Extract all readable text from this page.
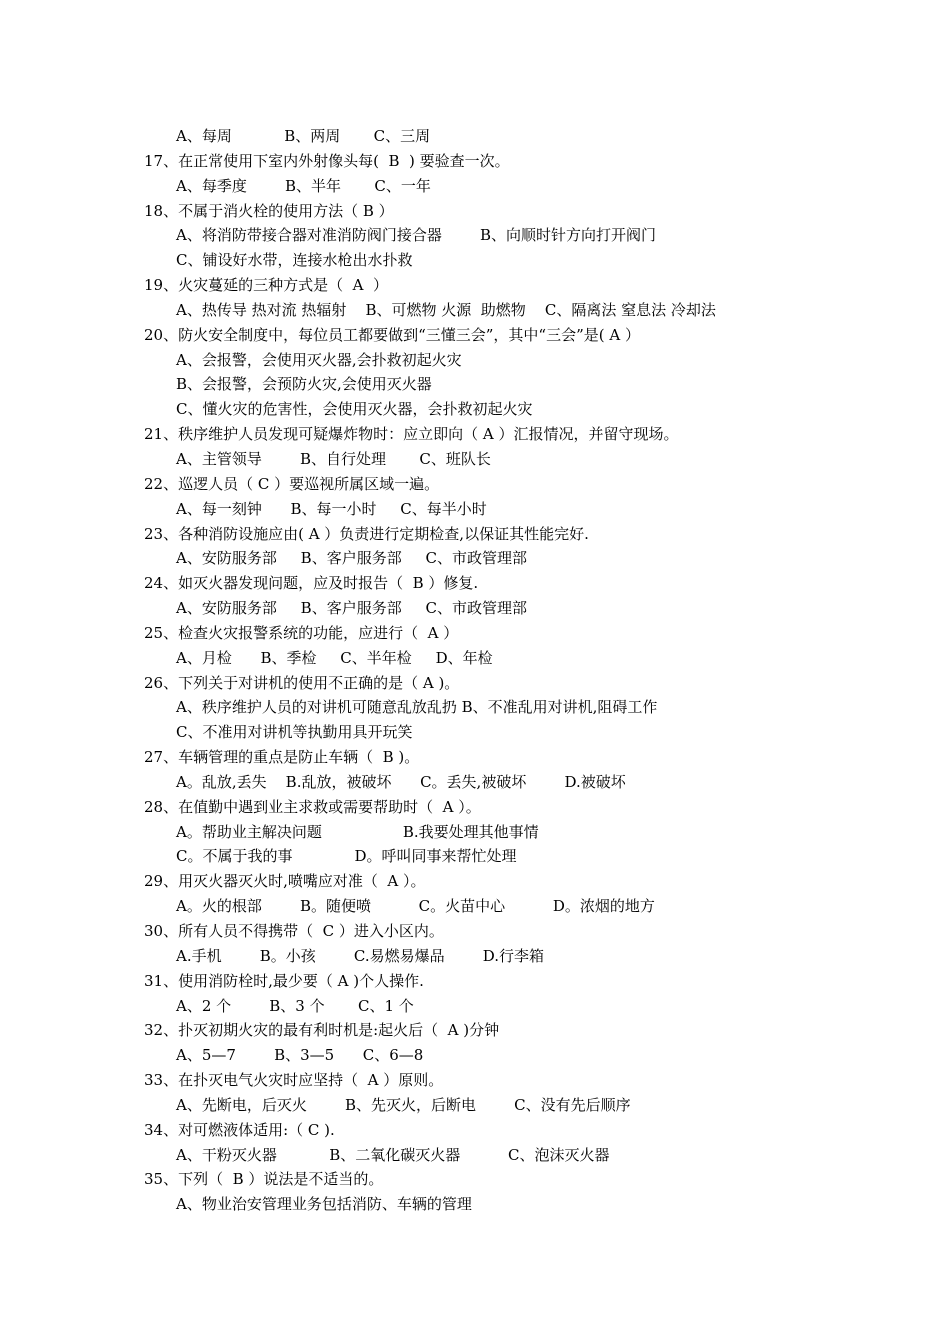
A、每周           B、两周       C、三周
17、在正常使用下室内外射像头每(  B  ) 要验查一次。
A、每季度        B、半年       C、一年
18、不属于消火栓的使用方法（ B ）
A、将消防带接合器对准消防阀门接合器        B、向顺时针方向打开阀门
C、铺设好水带，连接水枪出水扑救
19、火灾蔓延的三种方式是（  A  ）
A、热传导 热对流 热辐射    B、可燃物 火源  助燃物    C、隔离法 窒息法 冷却法
20、防火安全制度中，每位员工都要做到“三懂三会”，其中“三会”是( A ）
A、会报警，会使用灭火器,会扑救初起火灾
B、会报警，会预防火灾,会使用灭火器
C、懂火灾的危害性，会使用灭火器，会扑救初起火灾
21、秩序维护人员发现可疑爆炸物时：应立即向（ A ）汇报情况，并留守现场。
A、主管领导        B、自行处理       C、班队长
22、巡逻人员（ C ）要巡视所属区域一遍。
A、每一刻钟      B、每一小时     C、每半小时
23、各种消防设施应由( A ）负责进行定期检查,以保证其性能完好.
A、安防服务部     B、客户服务部     C、市政管理部
24、如灭火器发现问题，应及时报告（  B ）修复.
A、安防服务部     B、客户服务部     C、市政管理部
25、检查火灾报警系统的功能，应进行（  A ）
A、月检      B、季检     C、半年检     D、年检
26、下列关于对讲机的使用不正确的是（ A )。
A、秩序维护人员的对讲机可随意乱放乱扔 B、不准乱用对讲机,阻碍工作
C、不准用对讲机等执勤用具开玩笑
27、车辆管理的重点是防止车辆（  B )。
A。乱放,丢失    B.乱放，被破坏      C。丢失,被破坏        D.被破坏
28、在值勤中遇到业主求救或需要帮助时（  A ）。
A。帮助业主解决问题                 B.我要处理其他事情
C。不属于我的事             D。呼叫同事来帮忙处理
29、用灭火器灭火时,喷嘴应对准（  A ）。
A。火的根部        B。随便喷          C。火苗中心          D。浓烟的地方
30、所有人员不得携带（  C ）进入小区内。
A.手机        B。小孩        C.易燃易爆品        D.行李箱
31、使用消防栓时,最少要（ A )个人操作.
A、2 个        B、3 个       C、1 个
32、扑灭初期火灾的最有利时机是:起火后（  A )分钟
A、5—7        B、3—5      C、6—8
33、在扑灭电气火灾时应坚持（  A ）原则。
A、先断电，后灭火        B、先灭火，后断电        C、没有先后顺序
34、对可燃液体适用:（ C ).
A、干粉灭火器           B、二氧化碳灭火器          C、泡沫灭火器
35、下列（  B ）说法是不适当的。
A、物业治安管理业务包括消防、车辆的管理
